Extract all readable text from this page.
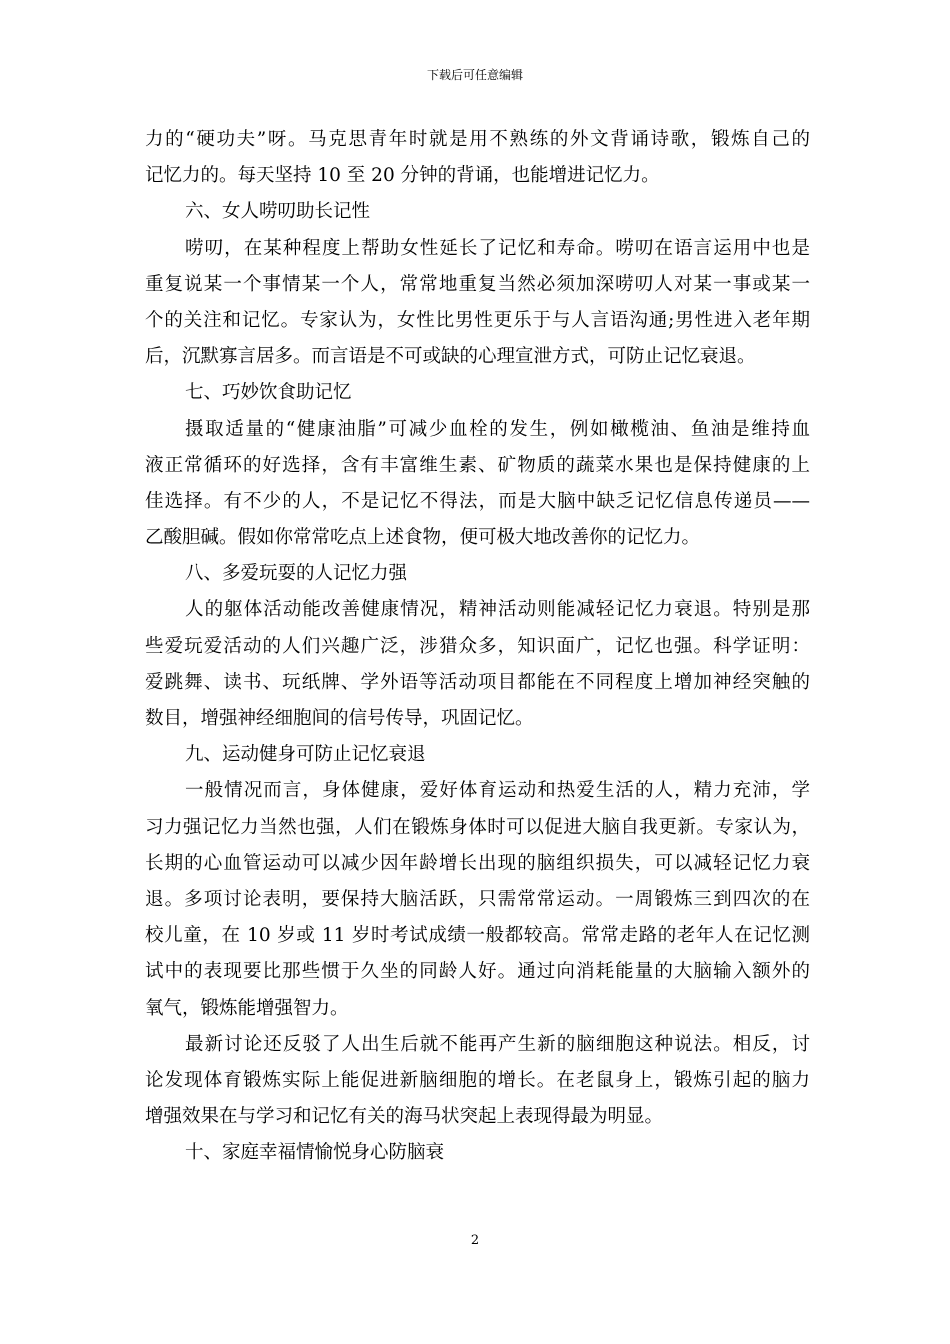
下载后可任意编辑
力的“硬功夫”呀。马克思青年时就是用不熟练的外文背诵诗歌，锻炼自己的
记忆力的。每天坚持 10 至 20 分钟的背诵，也能增进记忆力。
六、女人唠叨助长记性
唠叨，在某种程度上帮助女性延长了记忆和寿命。唠叨在语言运用中也是
重复说某一个事情某一个人，常常地重复当然必须加深唠叨人对某一事或某一
个的关注和记忆。专家认为，女性比男性更乐于与人言语沟通;男性进入老年期
后，沉默寡言居多。而言语是不可或缺的心理宣泄方式，可防止记忆衰退。
七、巧妙饮食助记忆
摄取适量的“健康油脂”可减少血栓的发生，例如橄榄油、鱼油是维持血
液正常循环的好选择，含有丰富维生素、矿物质的蔬菜水果也是保持健康的上
佳选择。有不少的人，不是记忆不得法，而是大脑中缺乏记忆信息传递员——
乙酸胆碱。假如你常常吃点上述食物，便可极大地改善你的记忆力。
八、多爱玩耍的人记忆力强
人的躯体活动能改善健康情况，精神活动则能减轻记忆力衰退。特别是那
些爱玩爱活动的人们兴趣广泛，涉猎众多，知识面广，记忆也强。科学证明：
爱跳舞、读书、玩纸牌、学外语等活动项目都能在不同程度上增加神经突触的
数目，增强神经细胞间的信号传导，巩固记忆。
九、运动健身可防止记忆衰退
一般情况而言，身体健康，爱好体育运动和热爱生活的人，精力充沛，学
习力强记忆力当然也强，人们在锻炼身体时可以促进大脑自我更新。专家认为，
长期的心血管运动可以减少因年龄增长出现的脑组织损失，可以减轻记忆力衰
退。多项讨论表明，要保持大脑活跃，只需常常运动。一周锻炼三到四次的在
校儿童，在 10 岁或 11 岁时考试成绩一般都较高。常常走路的老年人在记忆测
试中的表现要比那些惯于久坐的同龄人好。通过向消耗能量的大脑输入额外的
氧气，锻炼能增强智力。
最新讨论还反驳了人出生后就不能再产生新的脑细胞这种说法。相反，讨
论发现体育锻炼实际上能促进新脑细胞的增长。在老鼠身上，锻炼引起的脑力
增强效果在与学习和记忆有关的海马状突起上表现得最为明显。
十、家庭幸福情愉悦身心防脑衰
2
